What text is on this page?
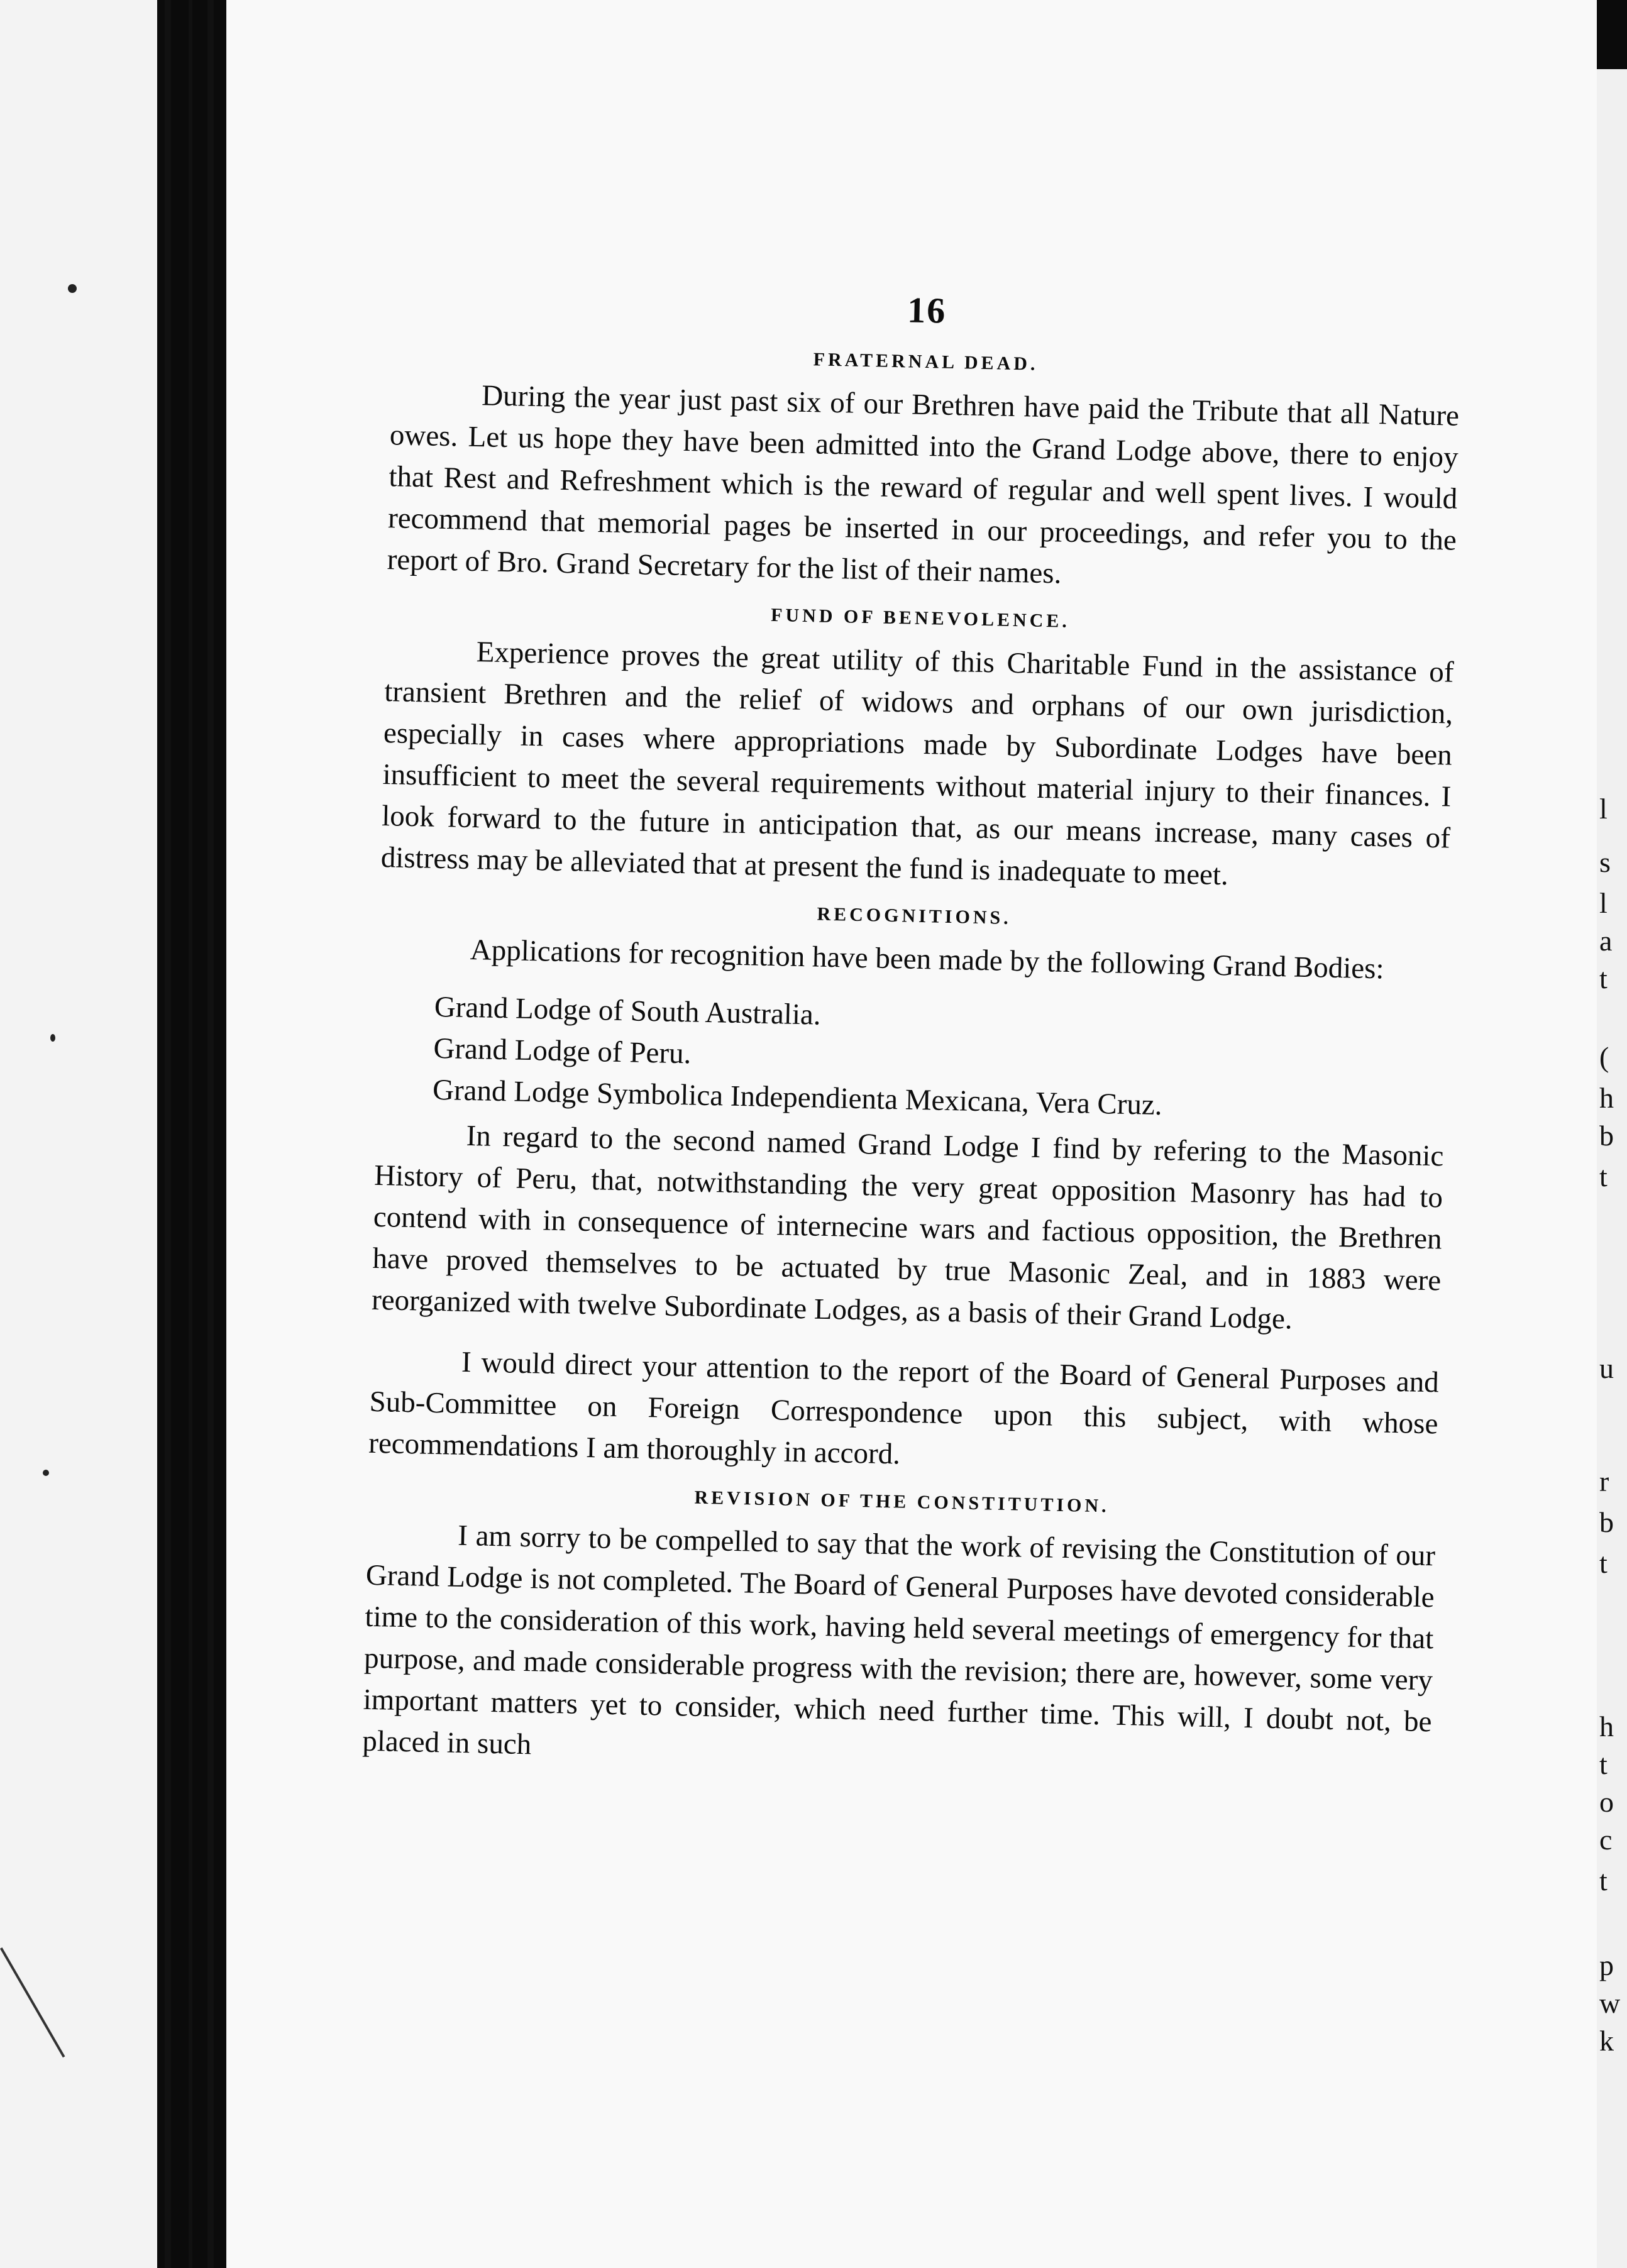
l
s
l
a
t
(
h
b
t
u
r
b
t
h
t
o
c
t
p
w
k
16
FRATERNAL DEAD.

During the year just past six of our Brethren have paid the Tribute that all Nature owes. Let us hope they have been admitted into the Grand Lodge above, there to enjoy that Rest and Refreshment which is the reward of regular and well spent lives. I would recommend that memorial pages be inserted in our proceedings, and refer you to the report of Bro. Grand Secretary for the list of their names.

FUND OF BENEVOLENCE.

Experience proves the great utility of this Charitable Fund in the assistance of transient Brethren and the relief of widows and orphans of our own jurisdiction, especially in cases where appropriations made by Subordinate Lodges have been insufficient to meet the several requirements without material injury to their finances. I look forward to the future in anticipation that, as our means increase, many cases of distress may be alleviated that at present the fund is inadequate to meet.

RECOGNITIONS.

Applications for recognition have been made by the following Grand Bodies:

Grand Lodge of South Australia.
Grand Lodge of Peru.
Grand Lodge Symbolica Independienta Mexicana, Vera Cruz.

In regard to the second named Grand Lodge I find by refering to the Masonic History of Peru, that, notwithstanding the very great opposition Masonry has had to contend with in consequence of internecine wars and factious opposition, the Brethren have proved themselves to be actuated by true Masonic Zeal, and in 1883 were reorganized with twelve Subordinate Lodges, as a basis of their Grand Lodge.

I would direct your attention to the report of the Board of General Purposes and Sub-Committee on Foreign Correspondence upon this subject, with whose recommendations I am thoroughly in accord.

REVISION OF THE CONSTITUTION.

I am sorry to be compelled to say that the work of revising the Constitution of our Grand Lodge is not completed. The Board of General Purposes have devoted considerable time to the consideration of this work, having held several meetings of emergency for that purpose, and made considerable progress with the revision; there are, however, some very important matters yet to consider, which need further time. This will, I doubt not, be placed in such
